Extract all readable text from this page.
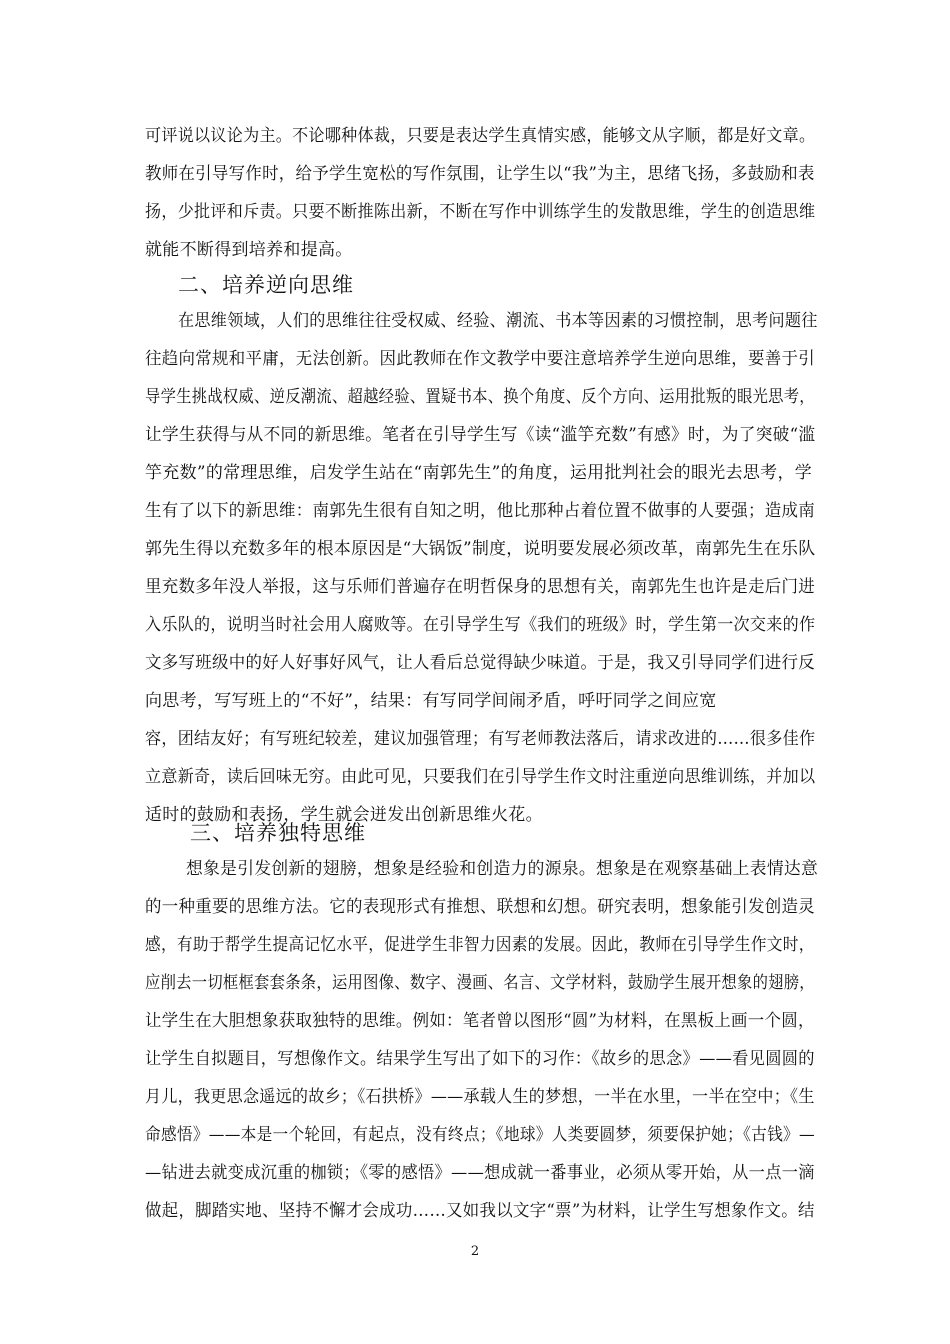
可评说以议论为主。不论哪种体裁，只要是表达学生真情实感，能够文从字顺，都是好文章。
教师在引导写作时，给予学生宽松的写作氛围，让学生以“我”为主，思绪飞扬，多鼓励和表
扬，少批评和斥责。只要不断推陈出新，不断在写作中训练学生的发散思维，学生的创造思维
就能不断得到培养和提高。
二、培养逆向思维
在思维领域，人们的思维往往受权威、经验、潮流、书本等因素的习惯控制，思考问题往
往趋向常规和平庸，无法创新。因此教师在作文教学中要注意培养学生逆向思维，要善于引
导学生挑战权威、逆反潮流、超越经验、置疑书本、换个角度、反个方向、运用批叛的眼光思考，
让学生获得与从不同的新思维。笔者在引导学生写《读“滥竽充数”有感》时，为了突破“滥
竽充数”的常理思维，启发学生站在“南郭先生”的角度，运用批判社会的眼光去思考，学
生有了以下的新思维：南郭先生很有自知之明，他比那种占着位置不做事的人要强；造成南
郭先生得以充数多年的根本原因是“大锅饭”制度，说明要发展必须改革，南郭先生在乐队
里充数多年没人举报，这与乐师们普遍存在明哲保身的思想有关，南郭先生也许是走后门进
入乐队的，说明当时社会用人腐败等。在引导学生写《我们的班级》时，学生第一次交来的作
文多写班级中的好人好事好风气，让人看后总觉得缺少味道。于是，我又引导同学们进行反
向思考，写写班上的“不好”，结果：有写同学间闹矛盾，呼吁同学之间应宽
容，团结友好；有写班纪较差，建议加强管理；有写老师教法落后，请求改进的……很多佳作
立意新奇，读后回味无穷。由此可见，只要我们在引导学生作文时注重逆向思维训练，并加以
适时的鼓励和表扬，学生就会迸发出创新思维火花。
三、培养独特思维
想象是引发创新的翅膀，想象是经验和创造力的源泉。想象是在观察基础上表情达意
的一种重要的思维方法。它的表现形式有推想、联想和幻想。研究表明，想象能引发创造灵
感，有助于帮学生提高记忆水平，促进学生非智力因素的发展。因此，教师在引导学生作文时，
应削去一切框框套套条条，运用图像、数字、漫画、名言、文学材料，鼓励学生展开想象的翅膀，
让学生在大胆想象获取独特的思维。例如：笔者曾以图形“圆”为材料，在黑板上画一个圆，
让学生自拟题目，写想像作文。结果学生写出了如下的习作：《故乡的思念》——看见圆圆的
月儿，我更思念遥远的故乡；《石拱桥》——承载人生的梦想，一半在水里，一半在空中；《生
命感悟》——本是一个轮回，有起点，没有终点；《地球》人类要圆梦，须要保护她；《古钱》—
—钻进去就变成沉重的枷锁；《零的感悟》——想成就一番事业，必须从零开始，从一点一滴
做起，脚踏实地、坚持不懈才会成功……又如我以文字“票”为材料，让学生写想象作文。结
2
